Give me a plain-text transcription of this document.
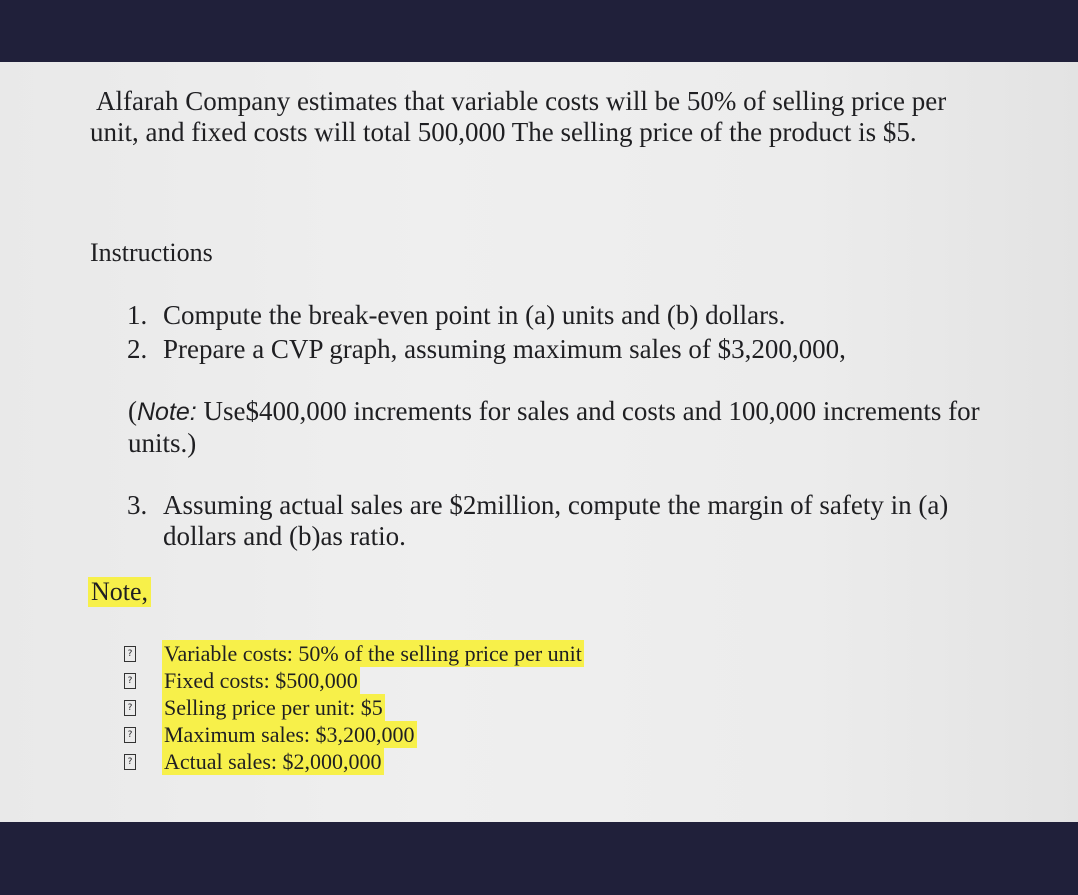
Alfarah Company estimates that variable costs will be 50% of selling price per
unit, and fixed costs will total 500,000 The selling price of the product is $5.
Instructions
1. Compute the break-even point in (a) units and (b) dollars.
2. Prepare a CVP graph, assuming maximum sales of $3,200,000,
(Note: Use$400,000 increments for sales and costs and 100,000 increments for units.)
3. Assuming actual sales are $2million, compute the margin of safety in (a) dollars and (b)as ratio.
Note,
? Variable costs: 50% of the selling price per unit
? Fixed costs: $500,000
? Selling price per unit: $5
? Maximum sales: $3,200,000
? Actual sales: $2,000,000
